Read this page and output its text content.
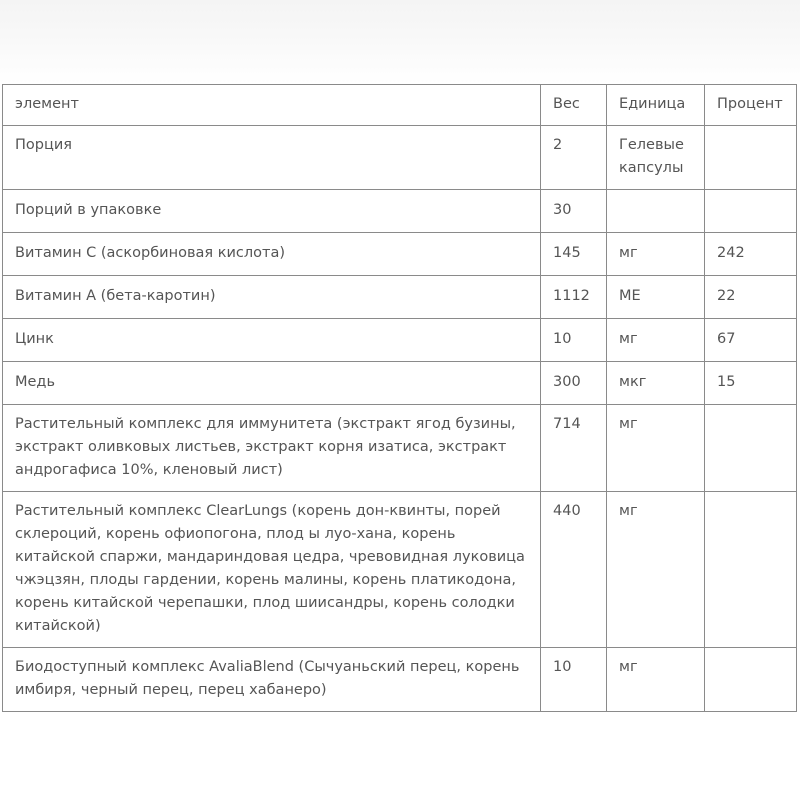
элемент	Вес	Единица	Процент
Порция	2	Гелевые капсулы	
Порций в упаковке	30		
Витамин С (аскорбиновая кислота)	145	мг	242
Витамин А (бета-каротин)	1112	МЕ	22
Цинк	10	мг	67
Медь	300	мкг	15
Растительный комплекс для иммунитета (экстракт ягод бузины, экстракт оливковых листьев, экстракт корня изатиса, экстракт андрогафиса 10%, кленовый лист)	714	мг	
Растительный комплекс ClearLungs (корень дон-квинты, порей склероций, корень офиопогона, плод ы луо-хана, корень китайской спаржи, мандариндовая цедра, чревовидная луковица чжэцзян, плоды гардении, корень малины, корень платикодона, корень китайской черепашки, плод шиисандры, корень солодки китайской)	440	мг	
Биодоступный комплекс AvaliaBlend (Сычуаньский перец, корень имбиря, черный перец, перец хабанеро)	10	мг	
